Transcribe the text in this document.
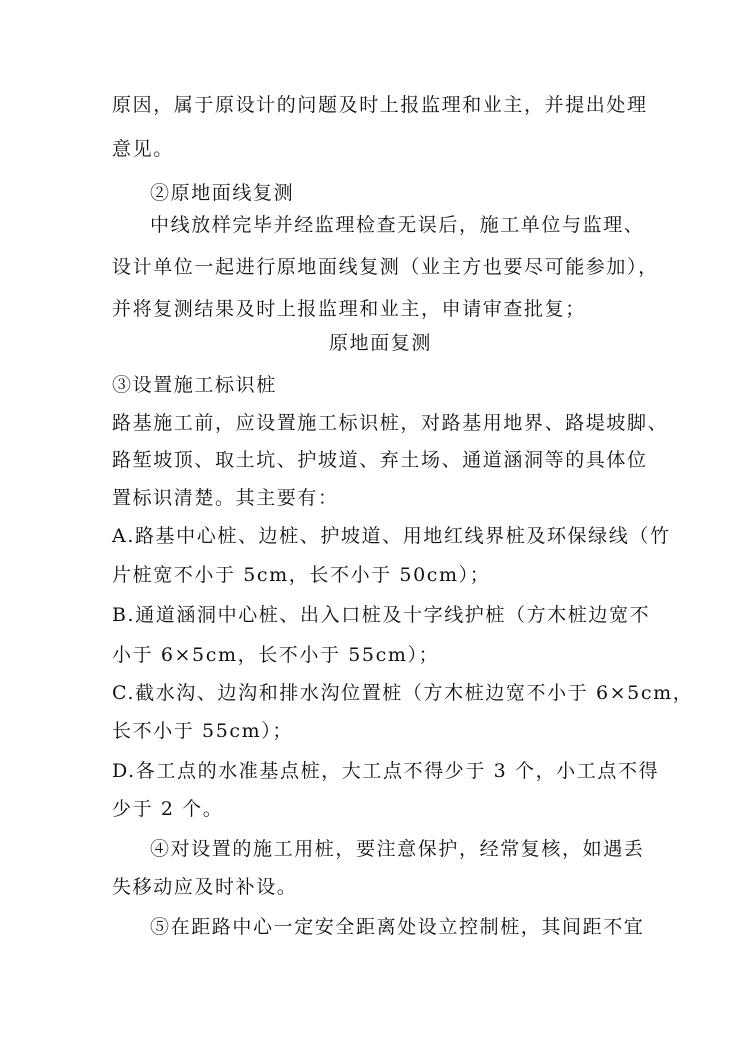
原因，属于原设计的问题及时上报监理和业主，并提出处理
意见。
②原地面线复测
中线放样完毕并经监理检查无误后，施工单位与监理、
设计单位一起进行原地面线复测（业主方也要尽可能参加），
并将复测结果及时上报监理和业主，申请审查批复；
原地面复测
③设置施工标识桩
路基施工前，应设置施工标识桩，对路基用地界、路堤坡脚、
路堑坡顶、取土坑、护坡道、弃土场、通道涵洞等的具体位
置标识清楚。其主要有：
A.路基中心桩、边桩、护坡道、用地红线界桩及环保绿线（竹
片桩宽不小于 5cm，长不小于 50cm）；
B.通道涵洞中心桩、出入口桩及十字线护桩（方木桩边宽不
小于 6×5cm，长不小于 55cm）；
C.截水沟、边沟和排水沟位置桩（方木桩边宽不小于 6×5cm，
长不小于 55cm）；
D.各工点的水准基点桩，大工点不得少于 3 个，小工点不得
少于 2 个。
④对设置的施工用桩，要注意保护，经常复核，如遇丢
失移动应及时补设。
⑤在距路中心一定安全距离处设立控制桩，其间距不宜
